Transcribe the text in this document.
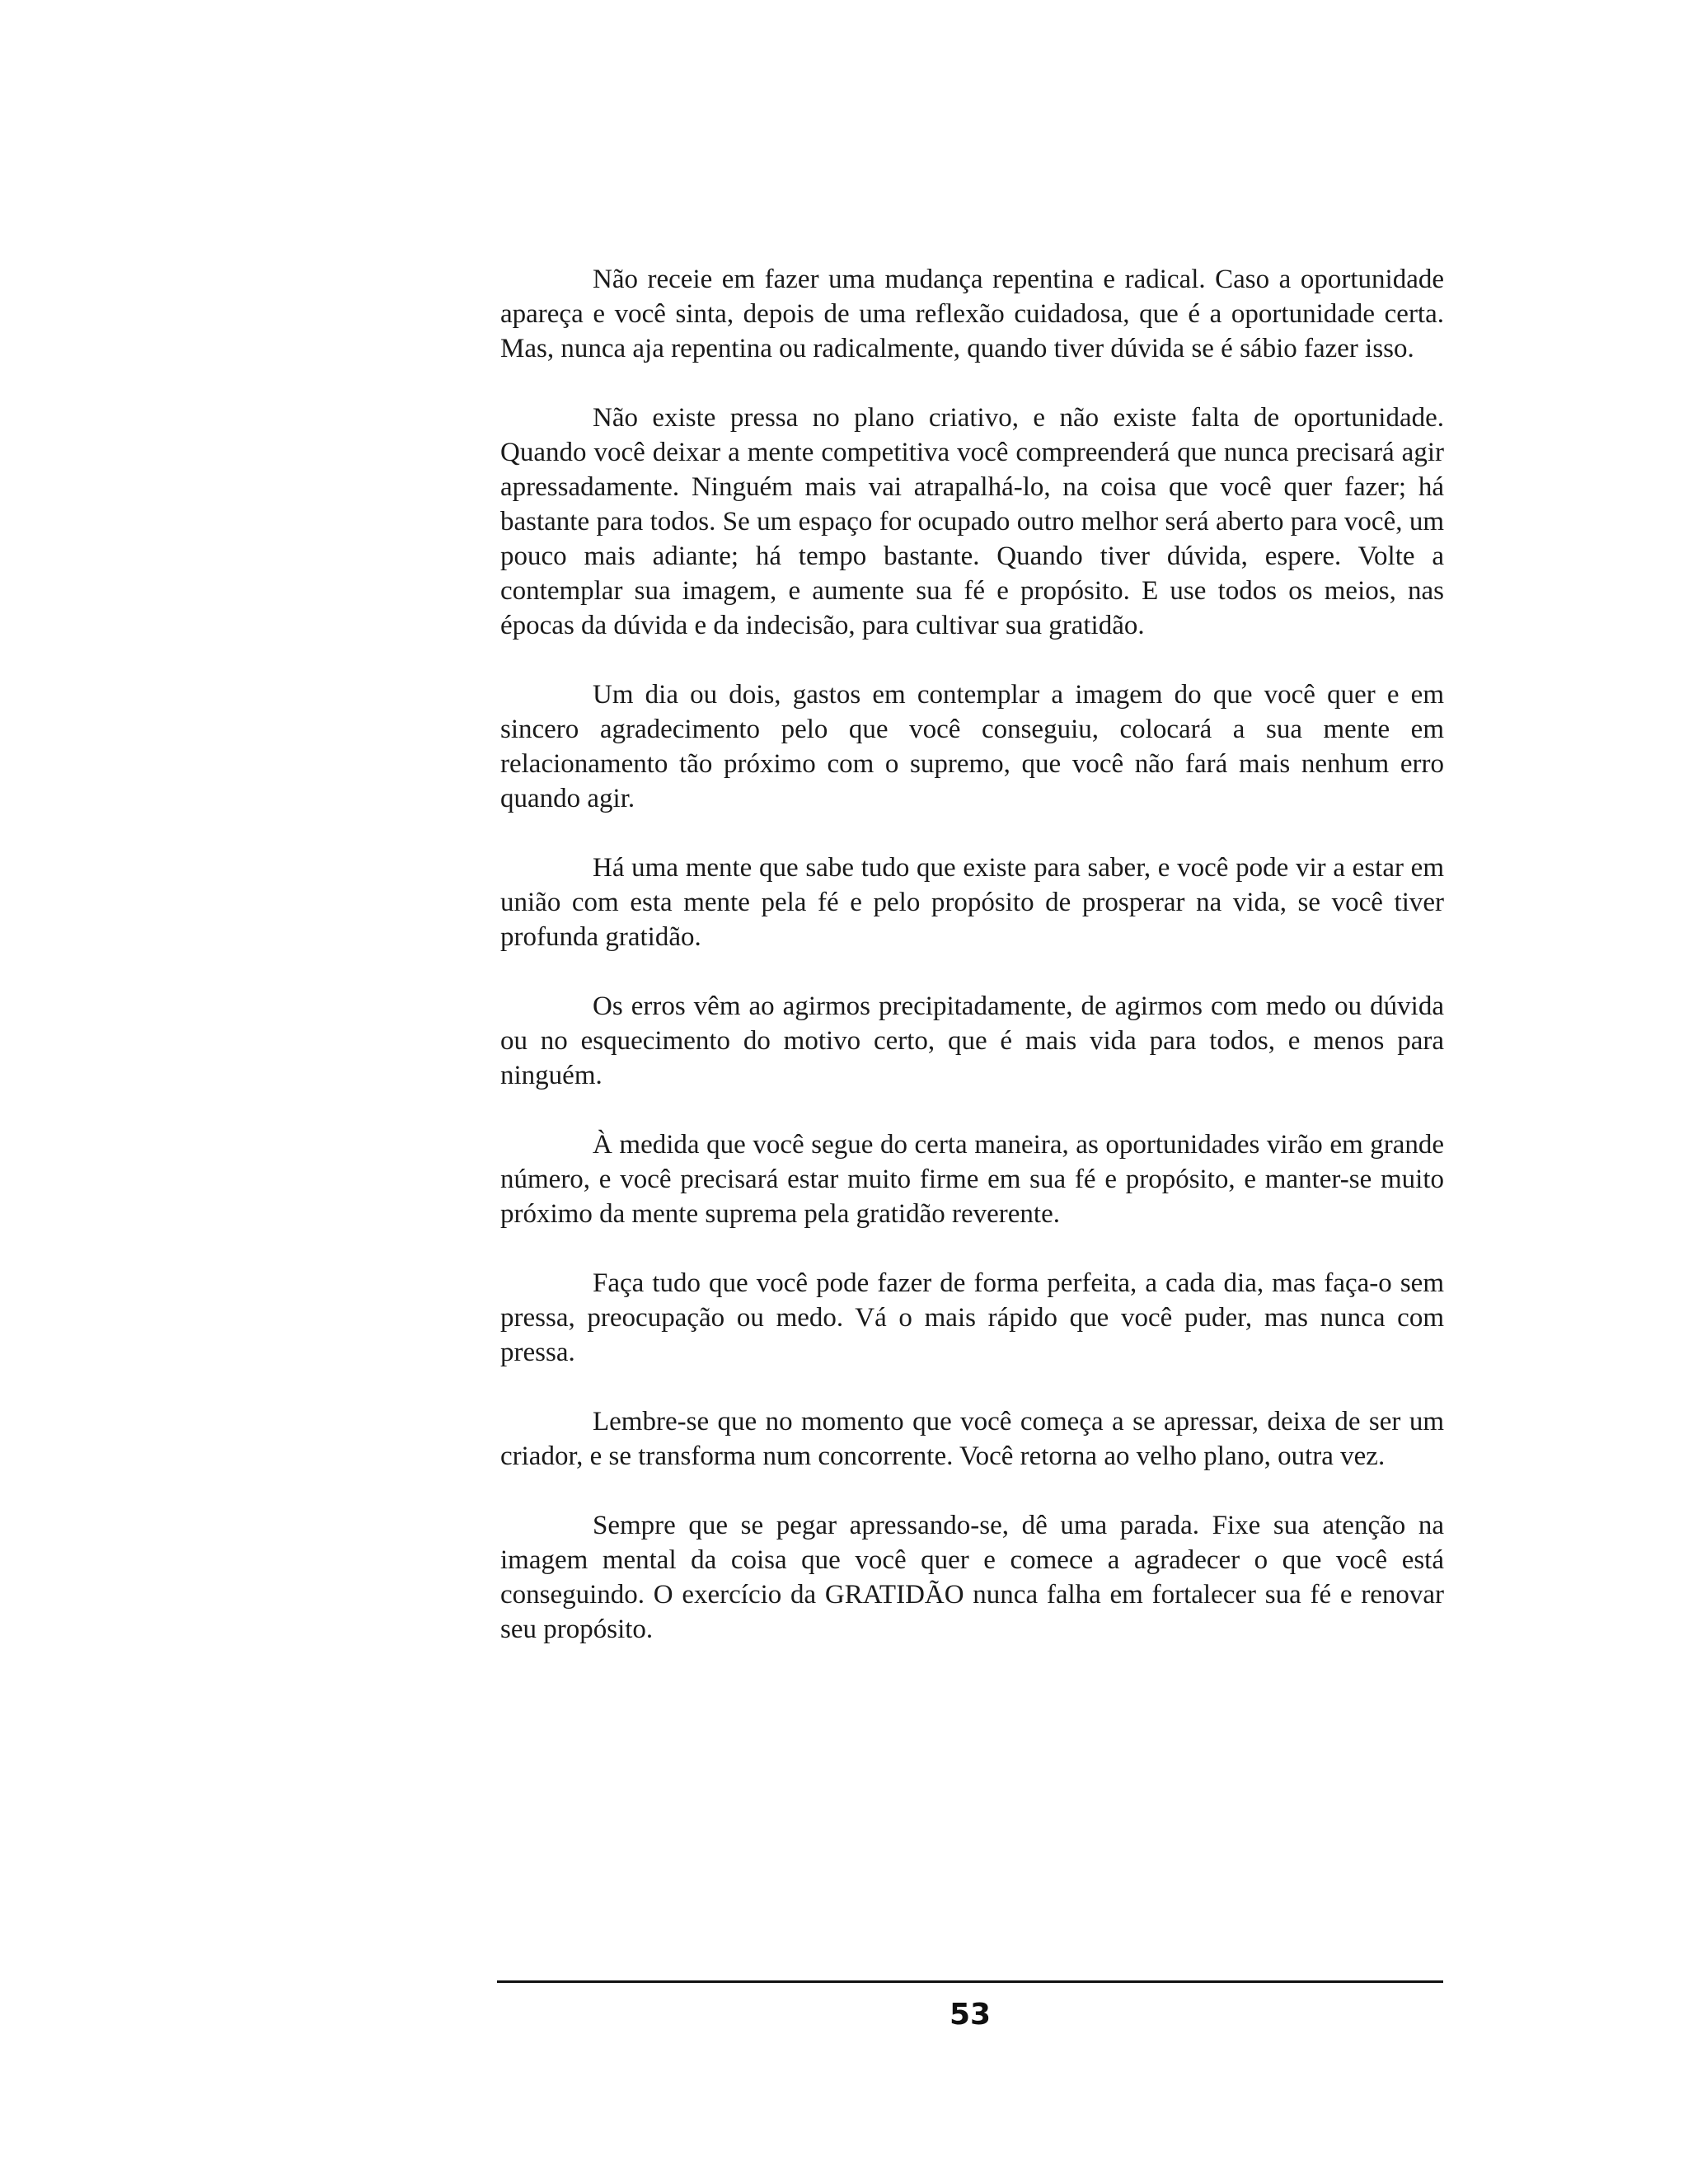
Não receie em fazer uma mudança repentina e radical. Caso a oportunidade apareça e você sinta, depois de uma reflexão cuidadosa, que é a oportunidade certa. Mas, nunca aja repentina ou radicalmente, quando tiver dúvida se é sábio fazer isso.

Não existe pressa no plano criativo, e não existe falta de oportunidade. Quando você deixar a mente competitiva você compreenderá que nunca precisará agir apressadamente. Ninguém mais vai atrapalhá-lo, na coisa que você quer fazer; há bastante para todos. Se um espaço for ocupado outro melhor será aberto para você, um pouco mais adiante; há tempo bastante. Quando tiver dúvida, espere. Volte a contemplar sua imagem, e aumente sua fé e propósito. E use todos os meios, nas épocas da dúvida e da indecisão, para cultivar sua gratidão.

Um dia ou dois, gastos em contemplar a imagem do que você quer e em sincero agradecimento pelo que você conseguiu, colocará a sua mente em relacionamento tão próximo com o supremo, que você não fará mais nenhum erro quando agir.

Há uma mente que sabe tudo que existe para saber, e você pode vir a estar em união com esta mente pela fé e pelo propósito de prosperar na vida, se você tiver profunda gratidão.

Os erros vêm ao agirmos precipitadamente, de agirmos com medo ou dúvida ou no esquecimento do motivo certo, que é mais vida para todos, e menos para ninguém.

À medida que você segue do certa maneira, as oportunidades virão em grande número, e você precisará estar muito firme em sua fé e propósito, e manter-se muito próximo da mente suprema pela gratidão reverente.

Faça tudo que você pode fazer de forma perfeita, a cada dia, mas faça-o sem pressa, preocupação ou medo. Vá o mais rápido que você puder, mas nunca com pressa.

Lembre-se que no momento que você começa a se apressar, deixa de ser um criador, e se transforma num concorrente. Você retorna ao velho plano, outra vez.

Sempre que se pegar apressando-se, dê uma parada. Fixe sua atenção na imagem mental da coisa que você quer e comece a agradecer o que você está conseguindo. O exercício da GRATIDÃO nunca falha em fortalecer sua fé e renovar seu propósito.

53
